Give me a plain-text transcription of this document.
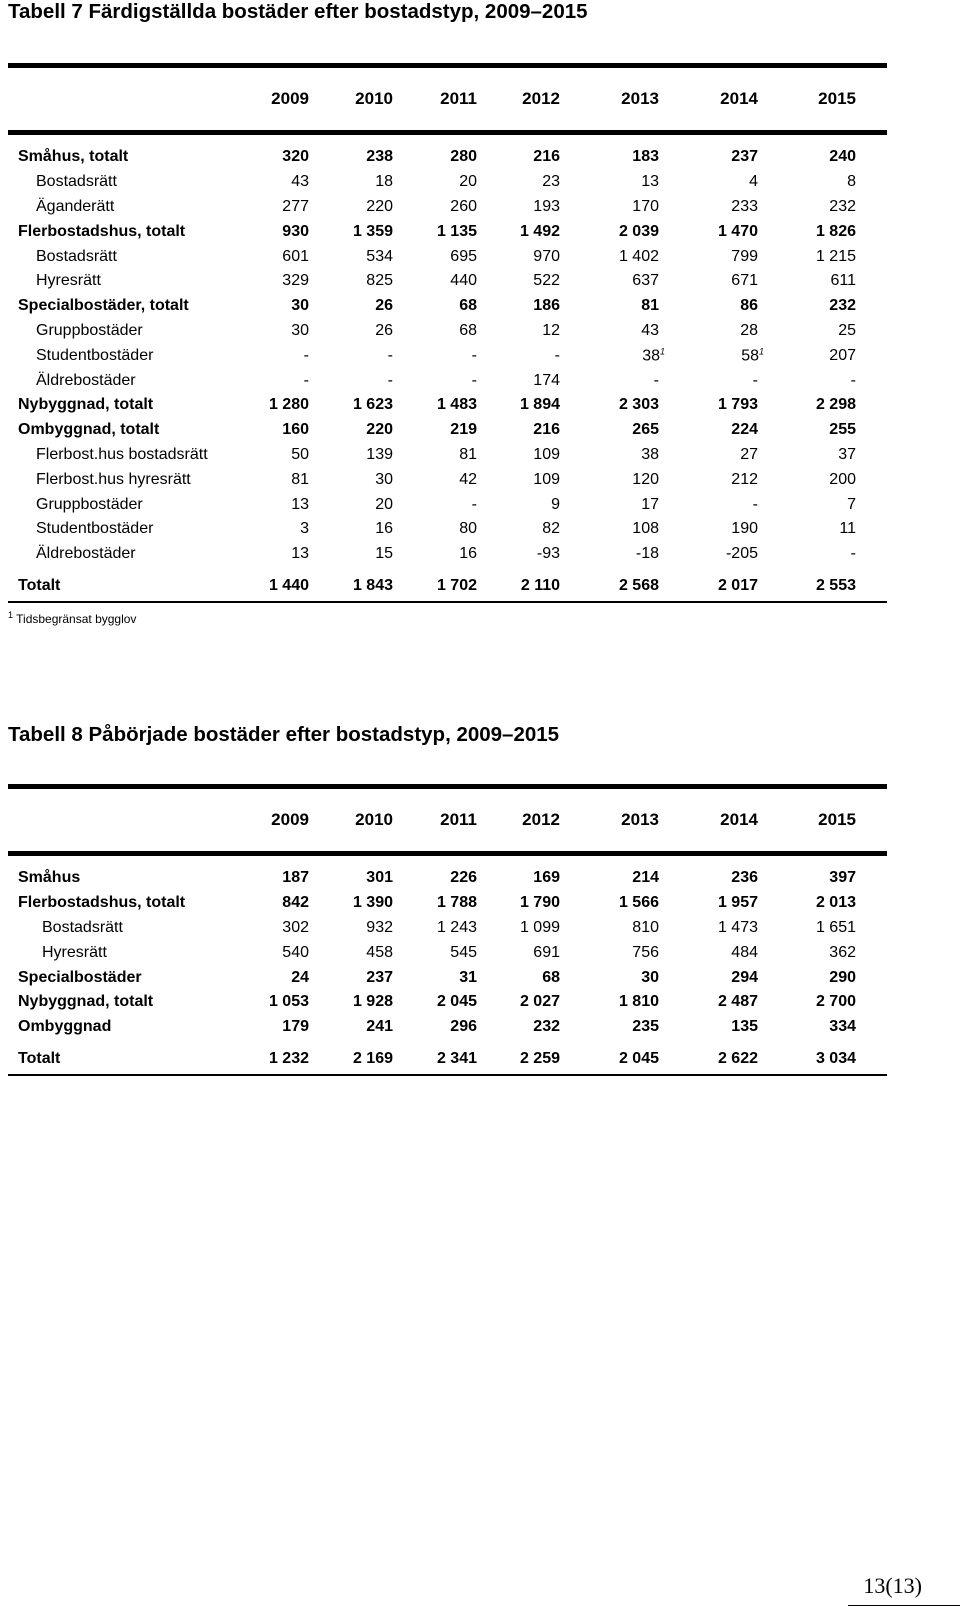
Tabell 7 Färdigställda bostäder efter bostadstyp, 2009–2015
2009	2010	2011	2012	2013	2014	2015
Småhus, totalt	320	238	280	216	183	237	240
Bostadsrätt	43	18	20	23	13	4	8
Äganderätt	277	220	260	193	170	233	232
Flerbostadshus, totalt	930	1 359	1 135	1 492	2 039	1 470	1 826
Bostadsrätt	601	534	695	970	1 402	799	1 215
Hyresrätt	329	825	440	522	637	671	611
Specialbostäder, totalt	30	26	68	186	81	86	232
Gruppbostäder	30	26	68	12	43	28	25
Studentbostäder	-	-	-	-	$38^1$	$58^1$	207
Äldrebostäder	-	-	-	174	-	-	-
Nybyggnad, totalt	1 280	1 623	1 483	1 894	2 303	1 793	2 298
Ombyggnad, totalt	160	220	219	216	265	224	255
Flerbost.hus bostadsrätt	50	139	81	109	38	27	37
Flerbost.hus hyresrätt	81	30	42	109	120	212	200
Gruppbostäder	13	20	-	9	17	-	7
Studentbostäder	3	16	80	82	108	190	11
Äldrebostäder	13	15	16	-93	-18	-205	-
Totalt	1 440	1 843	1 702	2 110	2 568	2 017	2 553
$^1$ Tidsbegränsat bygglov
Tabell 8 Påbörjade bostäder efter bostadstyp, 2009–2015
2009	2010	2011	2012	2013	2014	2015
Småhus	187	301	226	169	214	236	397
Flerbostadshus, totalt	842	1 390	1 788	1 790	1 566	1 957	2 013
Bostadsrätt	302	932	1 243	1 099	810	1 473	1 651
Hyresrätt	540	458	545	691	756	484	362
Specialbostäder	24	237	31	68	30	294	290
Nybyggnad, totalt	1 053	1 928	2 045	2 027	1 810	2 487	2 700
Ombyggnad	179	241	296	232	235	135	334
Totalt	1 232	2 169	2 341	2 259	2 045	2 622	3 034
13(13)
